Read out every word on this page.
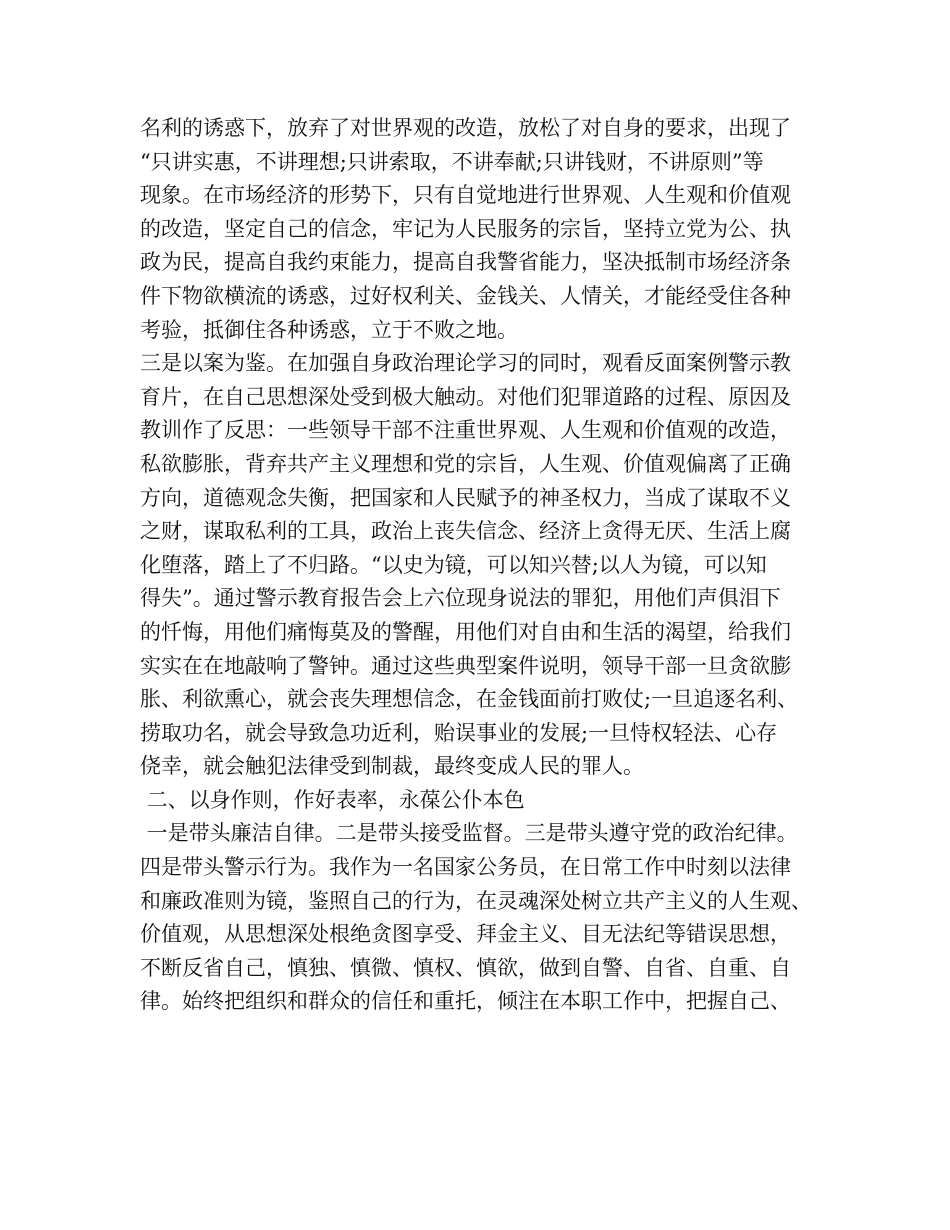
名利的诱惑下，放弃了对世界观的改造，放松了对自身的要求，出现了
“只讲实惠，不讲理想;只讲索取，不讲奉献;只讲钱财，不讲原则”等
现象。在市场经济的形势下，只有自觉地进行世界观、人生观和价值观
的改造，坚定自己的信念，牢记为人民服务的宗旨，坚持立党为公、执
政为民，提高自我约束能力，提高自我警省能力，坚决抵制市场经济条
件下物欲横流的诱惑，过好权利关、金钱关、人情关，才能经受住各种
考验，抵御住各种诱惑，立于不败之地。
三是以案为鉴。在加强自身政治理论学习的同时，观看反面案例警示教
育片，在自己思想深处受到极大触动。对他们犯罪道路的过程、原因及
教训作了反思：一些领导干部不注重世界观、人生观和价值观的改造，
私欲膨胀，背弃共产主义理想和党的宗旨，人生观、价值观偏离了正确
方向，道德观念失衡，把国家和人民赋予的神圣权力，当成了谋取不义
之财，谋取私利的工具，政治上丧失信念、经济上贪得无厌、生活上腐
化堕落，踏上了不归路。“以史为镜，可以知兴替;以人为镜，可以知
得失”。通过警示教育报告会上六位现身说法的罪犯，用他们声俱泪下
的忏悔，用他们痛悔莫及的警醒，用他们对自由和生活的渴望，给我们
实实在在地敲响了警钟。通过这些典型案件说明，领导干部一旦贪欲膨
胀、利欲熏心，就会丧失理想信念，在金钱面前打败仗;一旦追逐名利、
捞取功名，就会导致急功近利，贻误事业的发展;一旦恃权轻法、心存
侥幸，就会触犯法律受到制裁，最终变成人民的罪人。
二、以身作则，作好表率，永葆公仆本色
一是带头廉洁自律。二是带头接受监督。三是带头遵守党的政治纪律。
四是带头警示行为。我作为一名国家公务员，在日常工作中时刻以法律
和廉政准则为镜，鉴照自己的行为，在灵魂深处树立共产主义的人生观、
价值观，从思想深处根绝贪图享受、拜金主义、目无法纪等错误思想，
不断反省自己，慎独、慎微、慎权、慎欲，做到自警、自省、自重、自
律。始终把组织和群众的信任和重托，倾注在本职工作中，把握自己、
